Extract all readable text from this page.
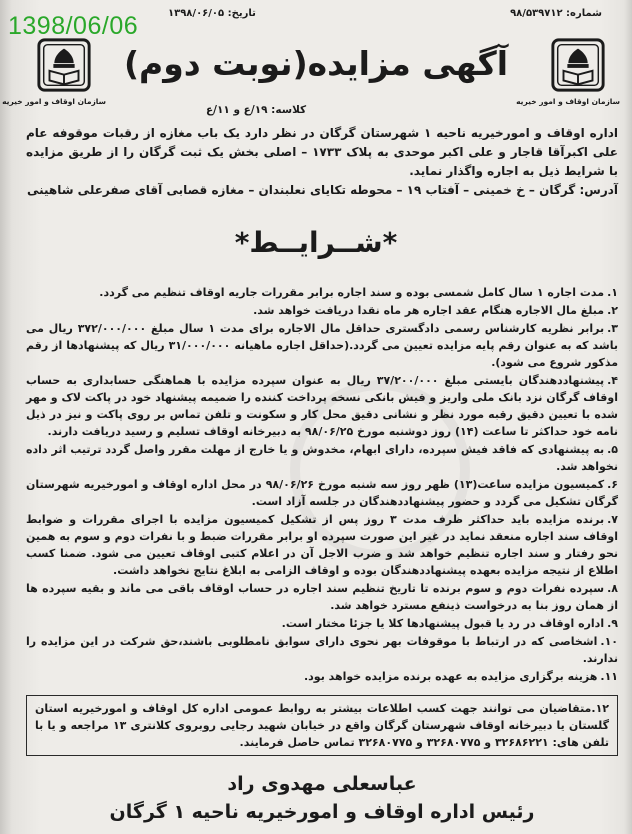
1398/06/06	شماره: ۹۸/۵۳۹۷۱۲
تاریخ: ۱۳۹۸/۰۶/۰۵
سازمان اوقاف و امور خیریه
سازمان اوقاف و امور خیریه
آگهی مزایده(نوبت دوم)
کلاسه: ۱۹/ع و ۱۱/ع

اداره اوقاف و امورخیریه ناحیه ۱ شهرستان گرگان در نظر دارد یک باب مغازه از رقبات موقوفه عام علی اکبرآقا قاجار و علی اکبر موحدی به پلاک ۱۷۳۳ – اصلی بخش یک ثبت گرگان را از طریق مزایده با شرایط ذیل به اجاره واگذار نماید.

آدرس: گرگان – خ خمینی – آفتاب ۱۹ – محوطه تکایای نعلبندان – مغازه قصابی آقای صفرعلی شاهینی

*شــرایــط*
۱.مدت اجاره ۱ سال کامل شمسی بوده و سند اجاره برابر مقررات جاریه اوقاف تنظیم می گردد.
۲.مبلغ مال الاجاره هنگام عقد اجاره هر ماه نقدا دریافت خواهد شد.
۳.برابر نظریه کارشناس رسمی دادگستری حداقل مال الاجاره برای مدت ۱ سال مبلغ ۳۷۲/۰۰۰/۰۰۰ ریال می باشد که به عنوان رقم پایه مزایده تعیین می گردد.(حداقل اجاره ماهیانه ۳۱/۰۰۰/۰۰۰ ریال که پیشنهادها از رقم مذکور شروع می شود).
۴.پیشنهاددهندگان بایستی مبلغ ۳۷/۲۰۰/۰۰۰ ریال به عنوان سپرده مزایده با هماهنگی حسابداری به حساب اوقاف گرگان نزد بانک ملی واریز و فیش بانکی نسخه پرداخت کننده را ضمیمه پیشنهاد خود در پاکت لاک و مهر شده با تعیین دقیق رقبه مورد نظر و نشانی دقیق محل کار و سکونت و تلفن تماس بر روی پاکت و نیز در ذیل نامه خود حداکثر تا ساعت (۱۴) روز دوشنبه مورخ ۹۸/۰۶/۲۵ به دبیرخانه اوقاف تسلیم و رسید دریافت دارند.
۵.به پیشنهادی که فاقد فیش سپرده، دارای ابهام، مخدوش و یا خارج از مهلت مقرر واصل گردد ترتیب اثر داده نخواهد شد.
۶.کمیسیون مزایده ساعت(۱۳) ظهر روز سه شنبه مورخ ۹۸/۰۶/۲۶ در محل اداره اوقاف و امورخیریه شهرستان گرگان تشکیل می گردد و حضور پیشنهاددهندگان در جلسه آزاد است.
۷.برنده مزایده باید حداکثر ظرف مدت ۳ روز پس از تشکیل کمیسیون مزایده با اجرای مقررات و ضوابط اوقاف سند اجاره منعقد نماید در غیر این صورت سپرده او برابر مقررات ضبط و با نفرات دوم و سوم به همین نحو رفتار و سند اجاره تنظیم خواهد شد و ضرب الاجل آن در اعلام کتبی اوقاف تعیین می شود. ضمنا کسب اطلاع از نتیجه مزایده بعهده پیشنهاددهندگان بوده و اوقاف الزامی به ابلاغ نتایج نخواهد داشت.
۸.سپرده نفرات دوم و سوم برنده تا تاریخ تنظیم سند اجاره در حساب اوقاف باقی می ماند و بقیه سپرده ها از همان روز بنا به درخواست ذینفع مسترد خواهد شد.
۹.اداره اوقاف در رد یا قبول پیشنهادها کلا یا جزئا مختار است.
۱۰.اشخاصی که در ارتباط با موقوفات بهر نحوی دارای سوابق نامطلوبی باشند،حق شرکت در این مزایده را ندارند.
۱۱.هزینه برگزاری مزایده به عهده برنده مزایده خواهد بود.
۱۲.متقاضیان می توانند جهت کسب اطلاعات بیشتر به روابط عمومی اداره کل اوقاف و امورخیریه استان گلستان یا دبیرخانه اوقاف شهرستان گرگان واقع در خیابان شهید رجایی روبروی کلانتری ۱۳ مراجعه و یا با تلفن های: ۳۲۶۸۶۲۲۱ و ۳۲۶۸۰۷۷۵ و ۳۲۶۸۰۷۷۵ تماس حاصل فرمایند.
عباسعلی مهدوی راد
رئیس اداره اوقاف و امورخیریه ناحیه ۱ گرگان
